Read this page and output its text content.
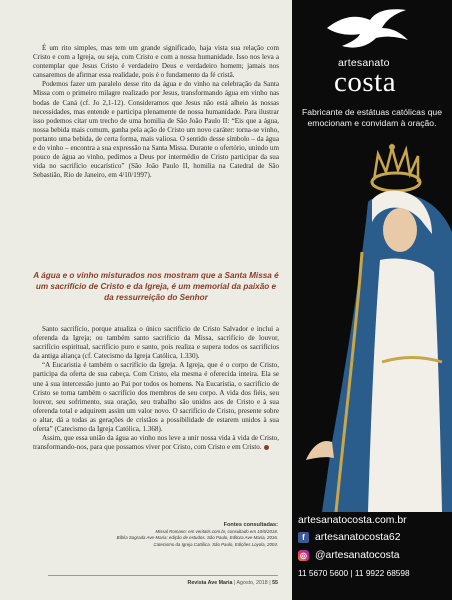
É um rito simples, mas tem um grande significado, haja vista sua relação com Cristo e com a Igreja, ou seja, com Cristo e com a nossa humanidade. Isso nos leva a contemplar que Jesus Cristo é verdadeiro Deus e verdadeiro homem; jamais nos cansaremos de afirmar essa realidade, pois é o fundamento da fé cristã.

Podemos fazer um paralelo desse rito da água e do vinho na celebração da Santa Missa com o primeiro milagre realizado por Jesus, transformando água em vinho nas bodas de Caná (cf. Jo 2,1-12). Consideramos que Jesus não está alheio às nossas necessidades, mas entende e participa plenamente de nossa humanidade. Para ilustrar isso podemos citar um trecho de uma homilia de São João Paulo II: “Eis que a água, nossa bebida mais comum, ganha pela ação de Cristo um novo caráter: torna-se vinho, portanto uma bebida, de certa forma, mais valiosa. O sentido desse símbolo – da água e do vinho – encontra a sua expressão na Santa Missa. Durante o ofertório, unindo um pouco de água ao vinho, pedimos a Deus por intermédio de Cristo participar da sua vida no sacrifício eucarístico” (São João Paulo II, homilia na Catedral de São Sebastião, Rio de Janeiro, em 4/10/1997).

A água e o vinho misturados nos mostram que a Santa Missa é um sacrifício de Cristo e da Igreja, é um memorial da paixão e da ressurreição do Senhor

Santo sacrifício, porque atualiza o único sacrifício de Cristo Salvador e inclui a oferenda da Igreja; ou também santo sacrifício da Missa, sacrifício de louvor, sacrifício espiritual, sacrifício puro e santo, pois realiza e supera todos os sacrifícios da antiga aliança (cf. Catecismo da Igreja Católica, 1.330).

“A Eucaristia é também o sacrifício da Igreja. A Igreja, que é o corpo de Cristo, participa da oferta de sua cabeça. Com Cristo, ela mesma é oferecida inteira. Ela se une à sua intercessão junto ao Pai por todos os homens. Na Eucaristia, o sacrifício de Cristo se torna também o sacrifício dos membros de seu corpo. A vida dos fiéis, seu louvor, seu sofrimento, sua oração, seu trabalho são unidos aos de Cristo e à sua oferenda total e adquirem assim um valor novo. O sacrifício de Cristo, presente sobre o altar, dá a todas as gerações de cristãos a possibilidade de estarem unidos à sua oferta” (Catecismo da Igreja Católica, 1.368).

Assim, que essa união da água ao vinho nos leve a unir nossa vida à vida de Cristo, transformando-nos, para que possamos viver por Cristo, com Cristo e em Cristo.

Fontes consultadas:
Missal Romano: em veritatis.com.br, consultado em 10/6/2018.
Bíblia Sagrada Ave-Maria: edição de estudos. São Paulo, Editora Ave-Maria, 2016.
Catecismo da Igreja Católica. São Paulo, Edições Loyola, 2004.
Revista Ave Maria | Agosto, 2018 | 55
artesanato
costa
Fabricante de estátuas católicas que emocionam e convidam à oração.
artesanatocosta.com.br
f artesanatocosta62
◎ @artesanatocosta
11 5670 5600 | 11 9922 68598
